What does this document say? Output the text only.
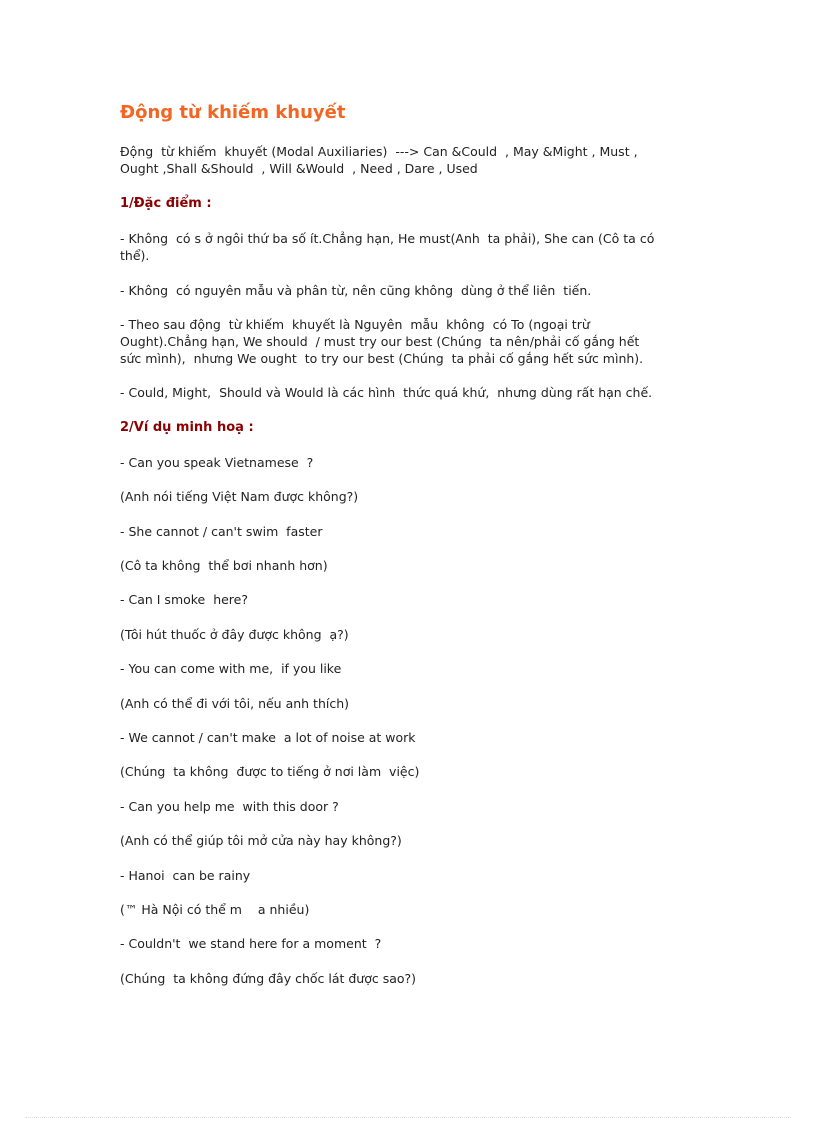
Động từ khiếm khuyết
Động  từ khiếm  khuyết (Modal Auxiliaries)  ---> Can &Could  , May &Might , Must ,
Ought ,Shall &Should  , Will &Would  , Need , Dare , Used
1/Đặc điểm :
- Không  có s ở ngôi thứ ba số ít.Chẳng hạn, He must(Anh  ta phải), She can (Cô ta có
thể).
- Không  có nguyên mẫu và phân từ, nên cũng không  dùng ở thể liên  tiến.
- Theo sau động  từ khiếm  khuyết là Nguyên  mẫu  không  có To (ngoại trừ
Ought).Chẳng hạn, We should  / must try our best (Chúng  ta nên/phải cố gắng hết
sức mình),  nhưng We ought  to try our best (Chúng  ta phải cố gắng hết sức mình).
- Could, Might,  Should và Would là các hình  thức quá khứ,  nhưng dùng rất hạn chế.
2/Ví dụ minh hoạ :
- Can you speak Vietnamese  ?
(Anh nói tiếng Việt Nam được không?)
- She cannot / can't swim  faster
(Cô ta không  thể bơi nhanh hơn)
- Can I smoke  here?
(Tôi hút thuốc ở đây được không  ạ?)
- You can come with me,  if you like
(Anh có thể đi với tôi, nếu anh thích)
- We cannot / can't make  a lot of noise at work
(Chúng  ta không  được to tiếng ở nơi làm  việc)
- Can you help me  with this door ?
(Anh có thể giúp tôi mở cửa này hay không?)
- Hanoi  can be rainy
(™ Hà Nội có thể m    a nhiều)
- Couldn't  we stand here for a moment  ?
(Chúng  ta không đứng đây chốc lát được sao?)
